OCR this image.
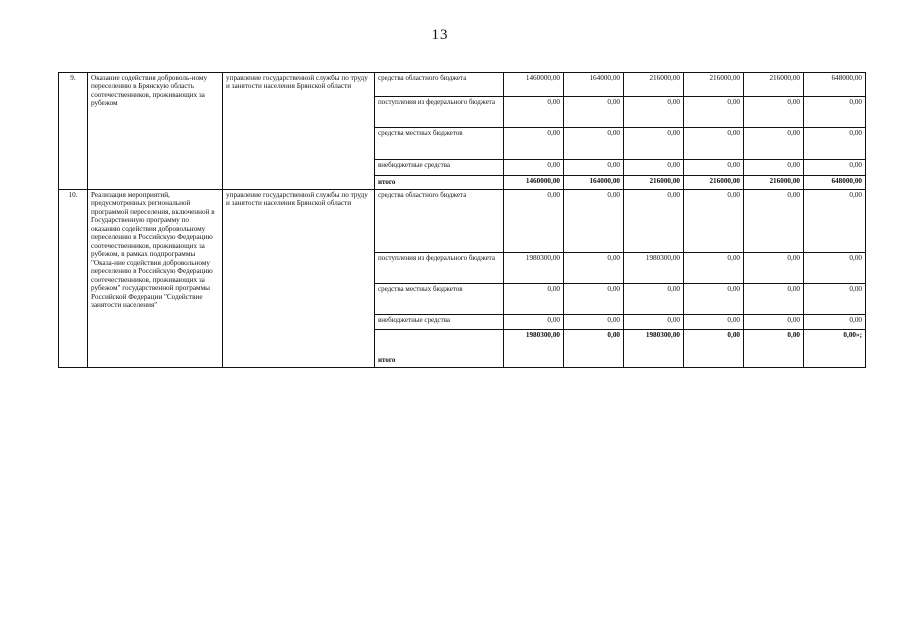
13
9.	Оказание содействия доброволь-ному переселению в Брянскую область соотечественников, проживающих за рубежом	управление государственной службы по труду и занятости населения Брянской области	средства областного бюджета	1460000,00	164000,00	216000,00	216000,00	216000,00	648000,00
			поступления из федерального бюджета	0,00	0,00	0,00	0,00	0,00	0,00
			средства местных бюджетов	0,00	0,00	0,00	0,00	0,00	0,00
			внебюджетные средства	0,00	0,00	0,00	0,00	0,00	0,00
			итого	1460000,00	164000,00	216000,00	216000,00	216000,00	648000,00
10.	Реализация мероприятий, предусмотренных региональной программой переселения, включенной в Государственную программу по оказанию содействия добровольному переселению в Российскую Федерацию соотечественников, проживающих за рубежом, в рамках подпрограммы "Оказа-ние содействия добровольному переселению в Российскую Федерацию соотечественников, проживающих за рубежом" государственной программы Российской Федерации "Содействие занятости населения"	управление государственной службы по труду и занятости населения Брянской области	средства областного бюджета	0,00	0,00	0,00	0,00	0,00	0,00
			поступления из федерального бюджета	1980300,00	0,00	1980300,00	0,00	0,00	0,00
			средства местных бюджетов	0,00	0,00	0,00	0,00	0,00	0,00
			внебюджетные средства	0,00	0,00	0,00	0,00	0,00	0,00
			итого	1980300,00	0,00	1980300,00	0,00	0,00	0,00»;
